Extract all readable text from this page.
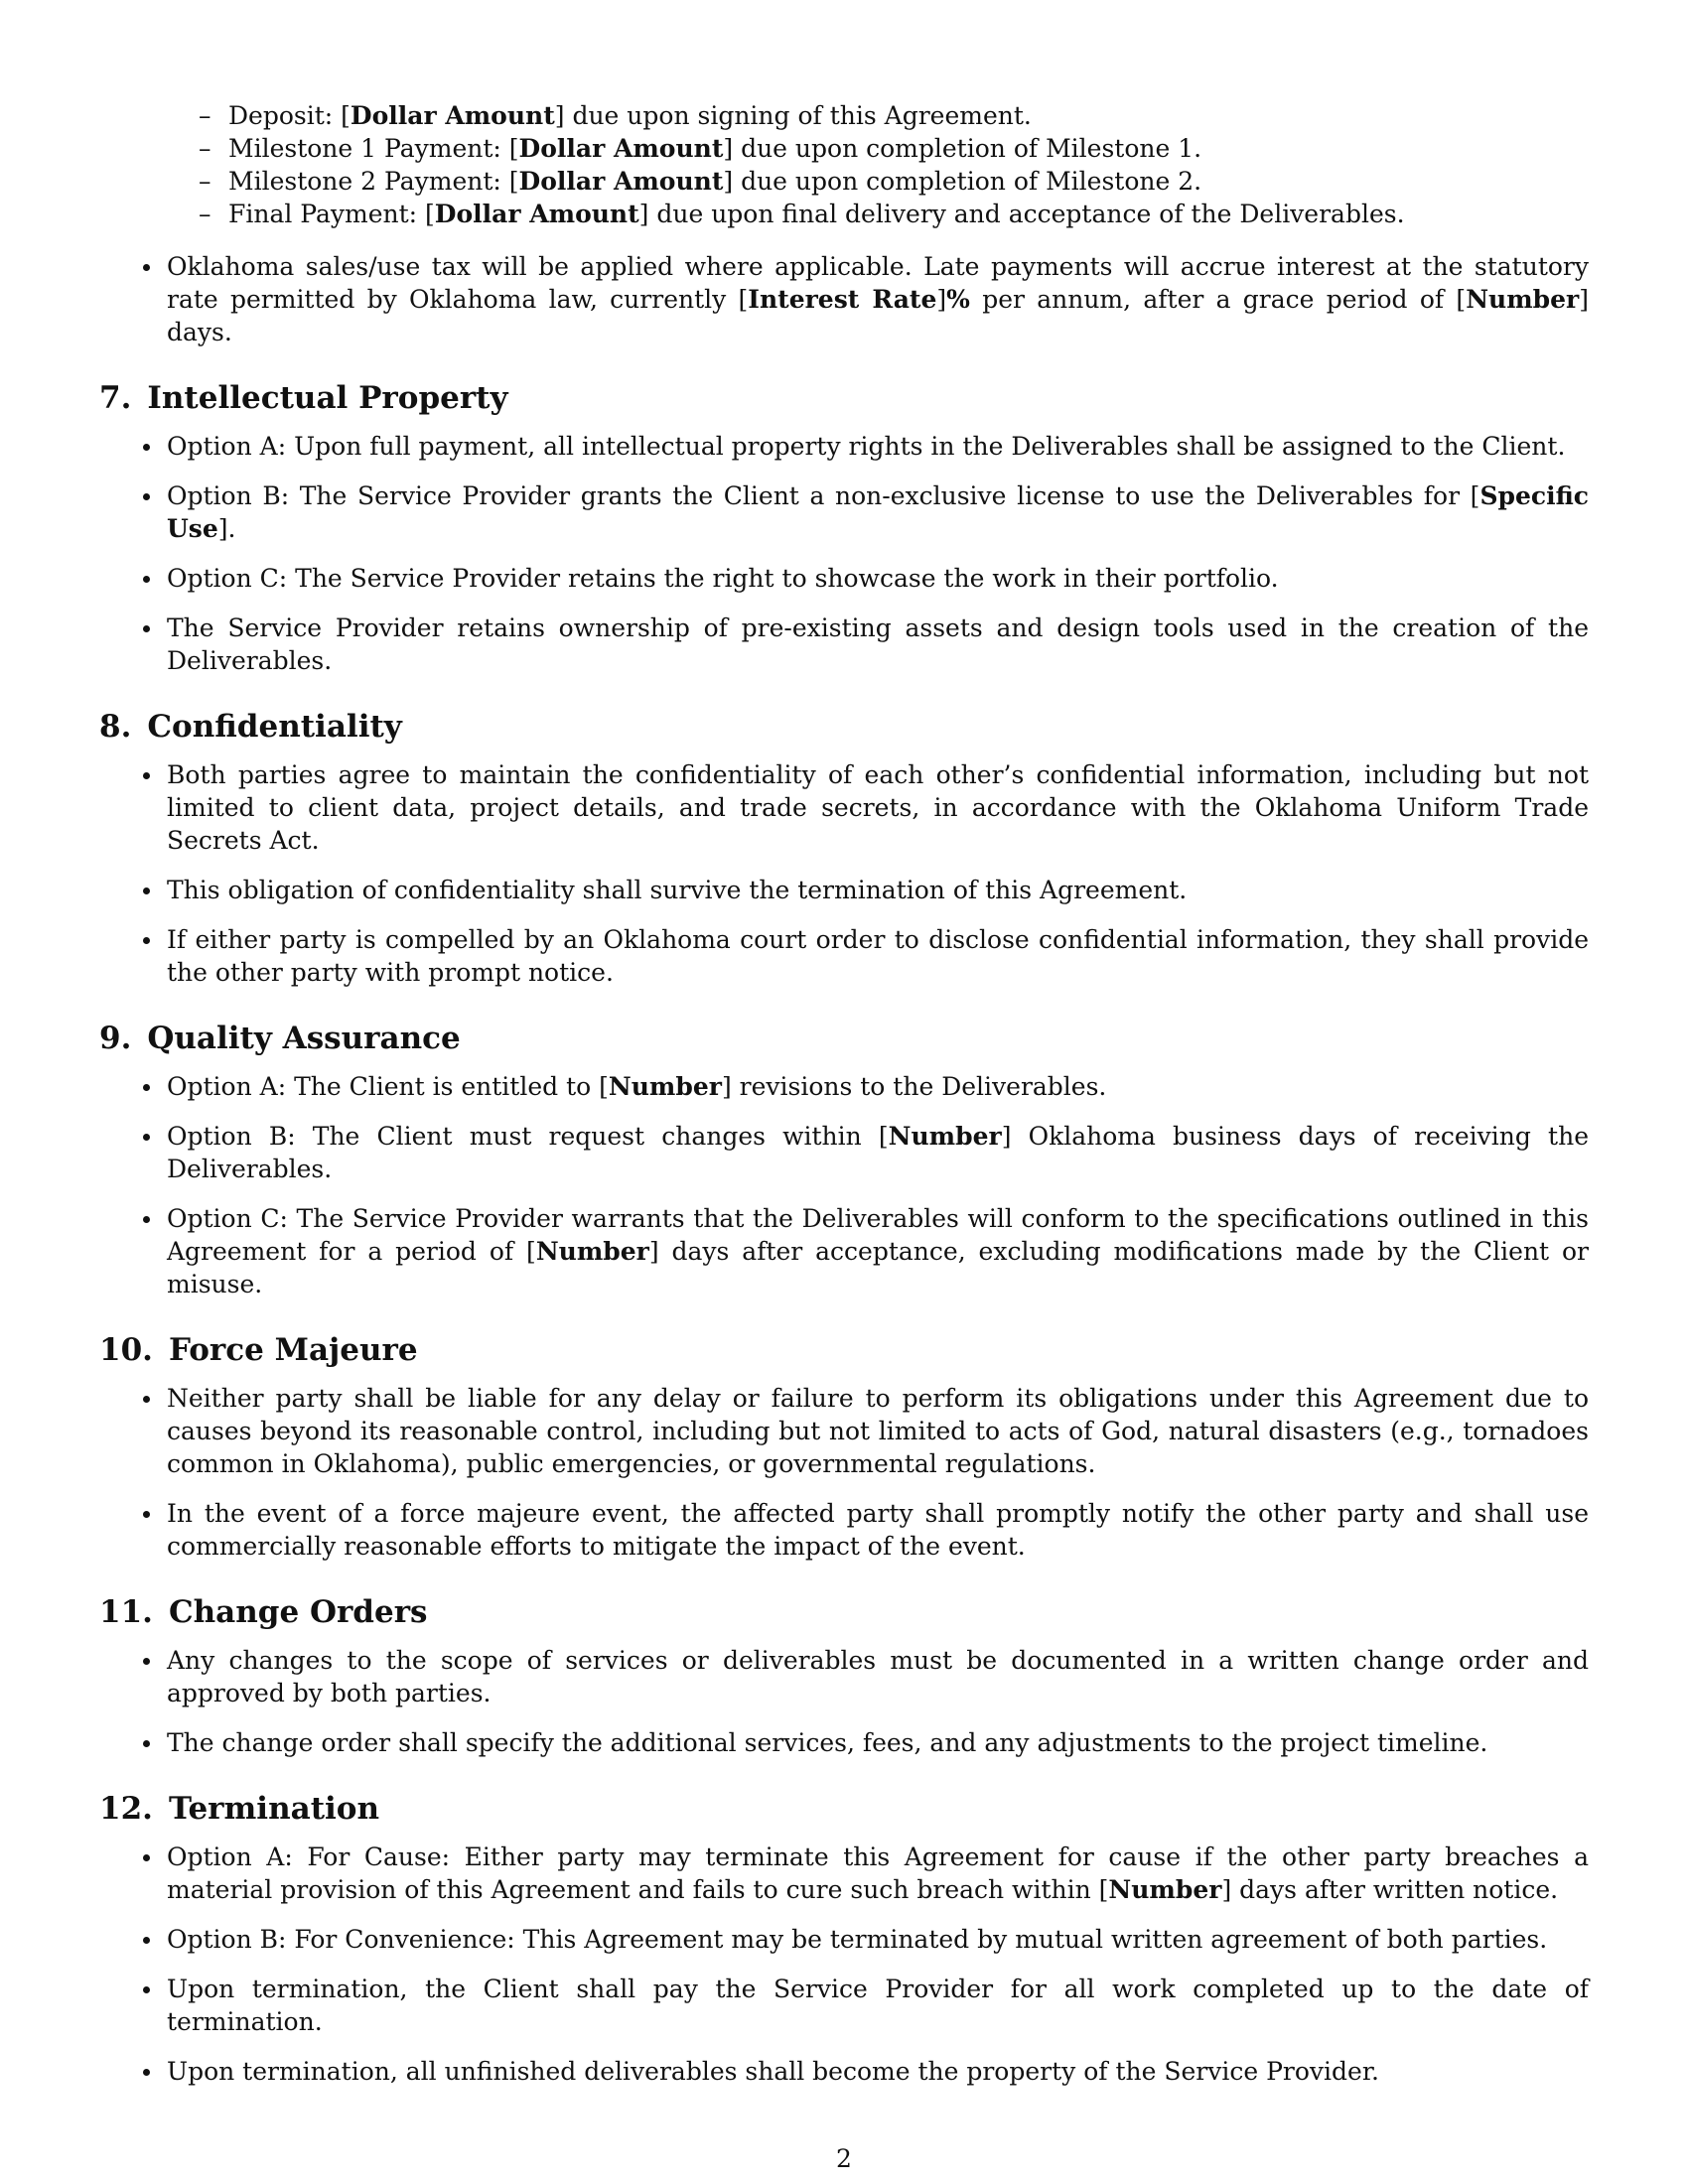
– Deposit: [Dollar Amount] due upon signing of this Agreement.
– Milestone 1 Payment: [Dollar Amount] due upon completion of Milestone 1.
– Milestone 2 Payment: [Dollar Amount] due upon completion of Milestone 2.
– Final Payment: [Dollar Amount] due upon final delivery and acceptance of the Deliverables.
Oklahoma sales/use tax will be applied where applicable. Late payments will accrue interest at the statutory rate permitted by Oklahoma law, currently [Interest Rate]% per annum, after a grace period of [Number] days.
7. Intellectual Property
Option A: Upon full payment, all intellectual property rights in the Deliverables shall be assigned to the Client.
Option B: The Service Provider grants the Client a non-exclusive license to use the Deliverables for [Specific Use].
Option C: The Service Provider retains the right to showcase the work in their portfolio.
The Service Provider retains ownership of pre-existing assets and design tools used in the creation of the Deliverables.
8. Confidentiality
Both parties agree to maintain the confidentiality of each other’s confidential information, including but not limited to client data, project details, and trade secrets, in accordance with the Oklahoma Uniform Trade Secrets Act.
This obligation of confidentiality shall survive the termination of this Agreement.
If either party is compelled by an Oklahoma court order to disclose confidential information, they shall provide the other party with prompt notice.
9. Quality Assurance
Option A: The Client is entitled to [Number] revisions to the Deliverables.
Option B: The Client must request changes within [Number] Oklahoma business days of receiving the Deliverables.
Option C: The Service Provider warrants that the Deliverables will conform to the specifications outlined in this Agreement for a period of [Number] days after acceptance, excluding modifications made by the Client or misuse.
10. Force Majeure
Neither party shall be liable for any delay or failure to perform its obligations under this Agreement due to causes beyond its reasonable control, including but not limited to acts of God, natural disasters (e.g., tornadoes common in Oklahoma), public emergencies, or governmental regulations.
In the event of a force majeure event, the affected party shall promptly notify the other party and shall use commercially reasonable efforts to mitigate the impact of the event.
11. Change Orders
Any changes to the scope of services or deliverables must be documented in a written change order and approved by both parties.
The change order shall specify the additional services, fees, and any adjustments to the project timeline.
12. Termination
Option A: For Cause: Either party may terminate this Agreement for cause if the other party breaches a material provision of this Agreement and fails to cure such breach within [Number] days after written notice.
Option B: For Convenience: This Agreement may be terminated by mutual written agreement of both parties.
Upon termination, the Client shall pay the Service Provider for all work completed up to the date of termination.
Upon termination, all unfinished deliverables shall become the property of the Service Provider.
2
